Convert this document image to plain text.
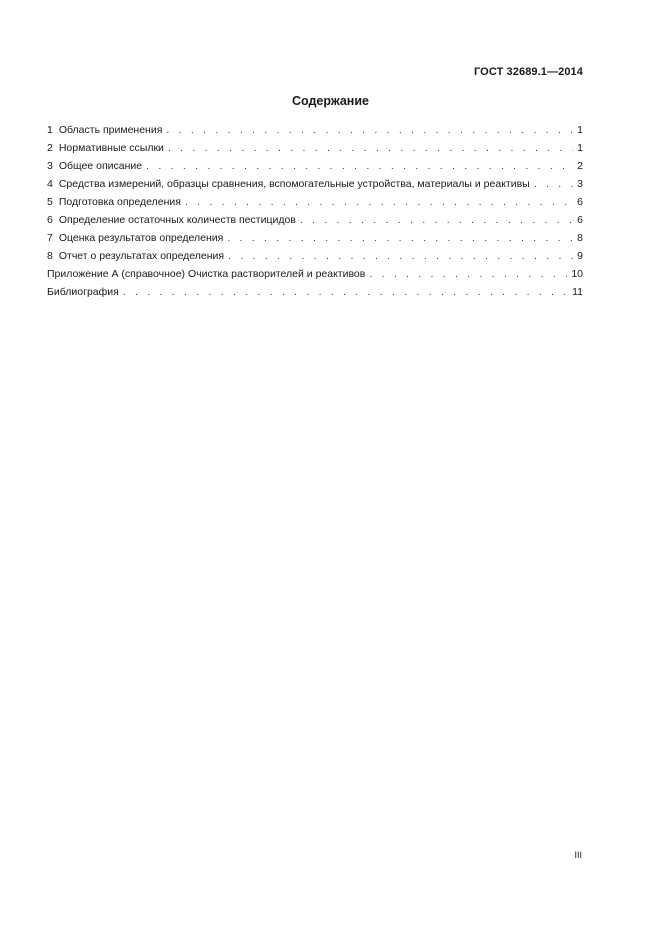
ГОСТ 32689.1—2014
Содержание
1 Область применения . . .	1
2 Нормативные ссылки . . .	1
3 Общее описание . . .	2
4 Средства измерений, образцы сравнения, вспомогательные устройства, материалы и реактивы . . .	3
5 Подготовка определения . . .	6
6 Определение остаточных количеств пестицидов . . .	6
7 Оценка результатов определения . . .	8
8 Отчет о результатах определения . . .	9
Приложение А (справочное) Очистка растворителей и реактивов . . .	10
Библиография . . .	11
III
